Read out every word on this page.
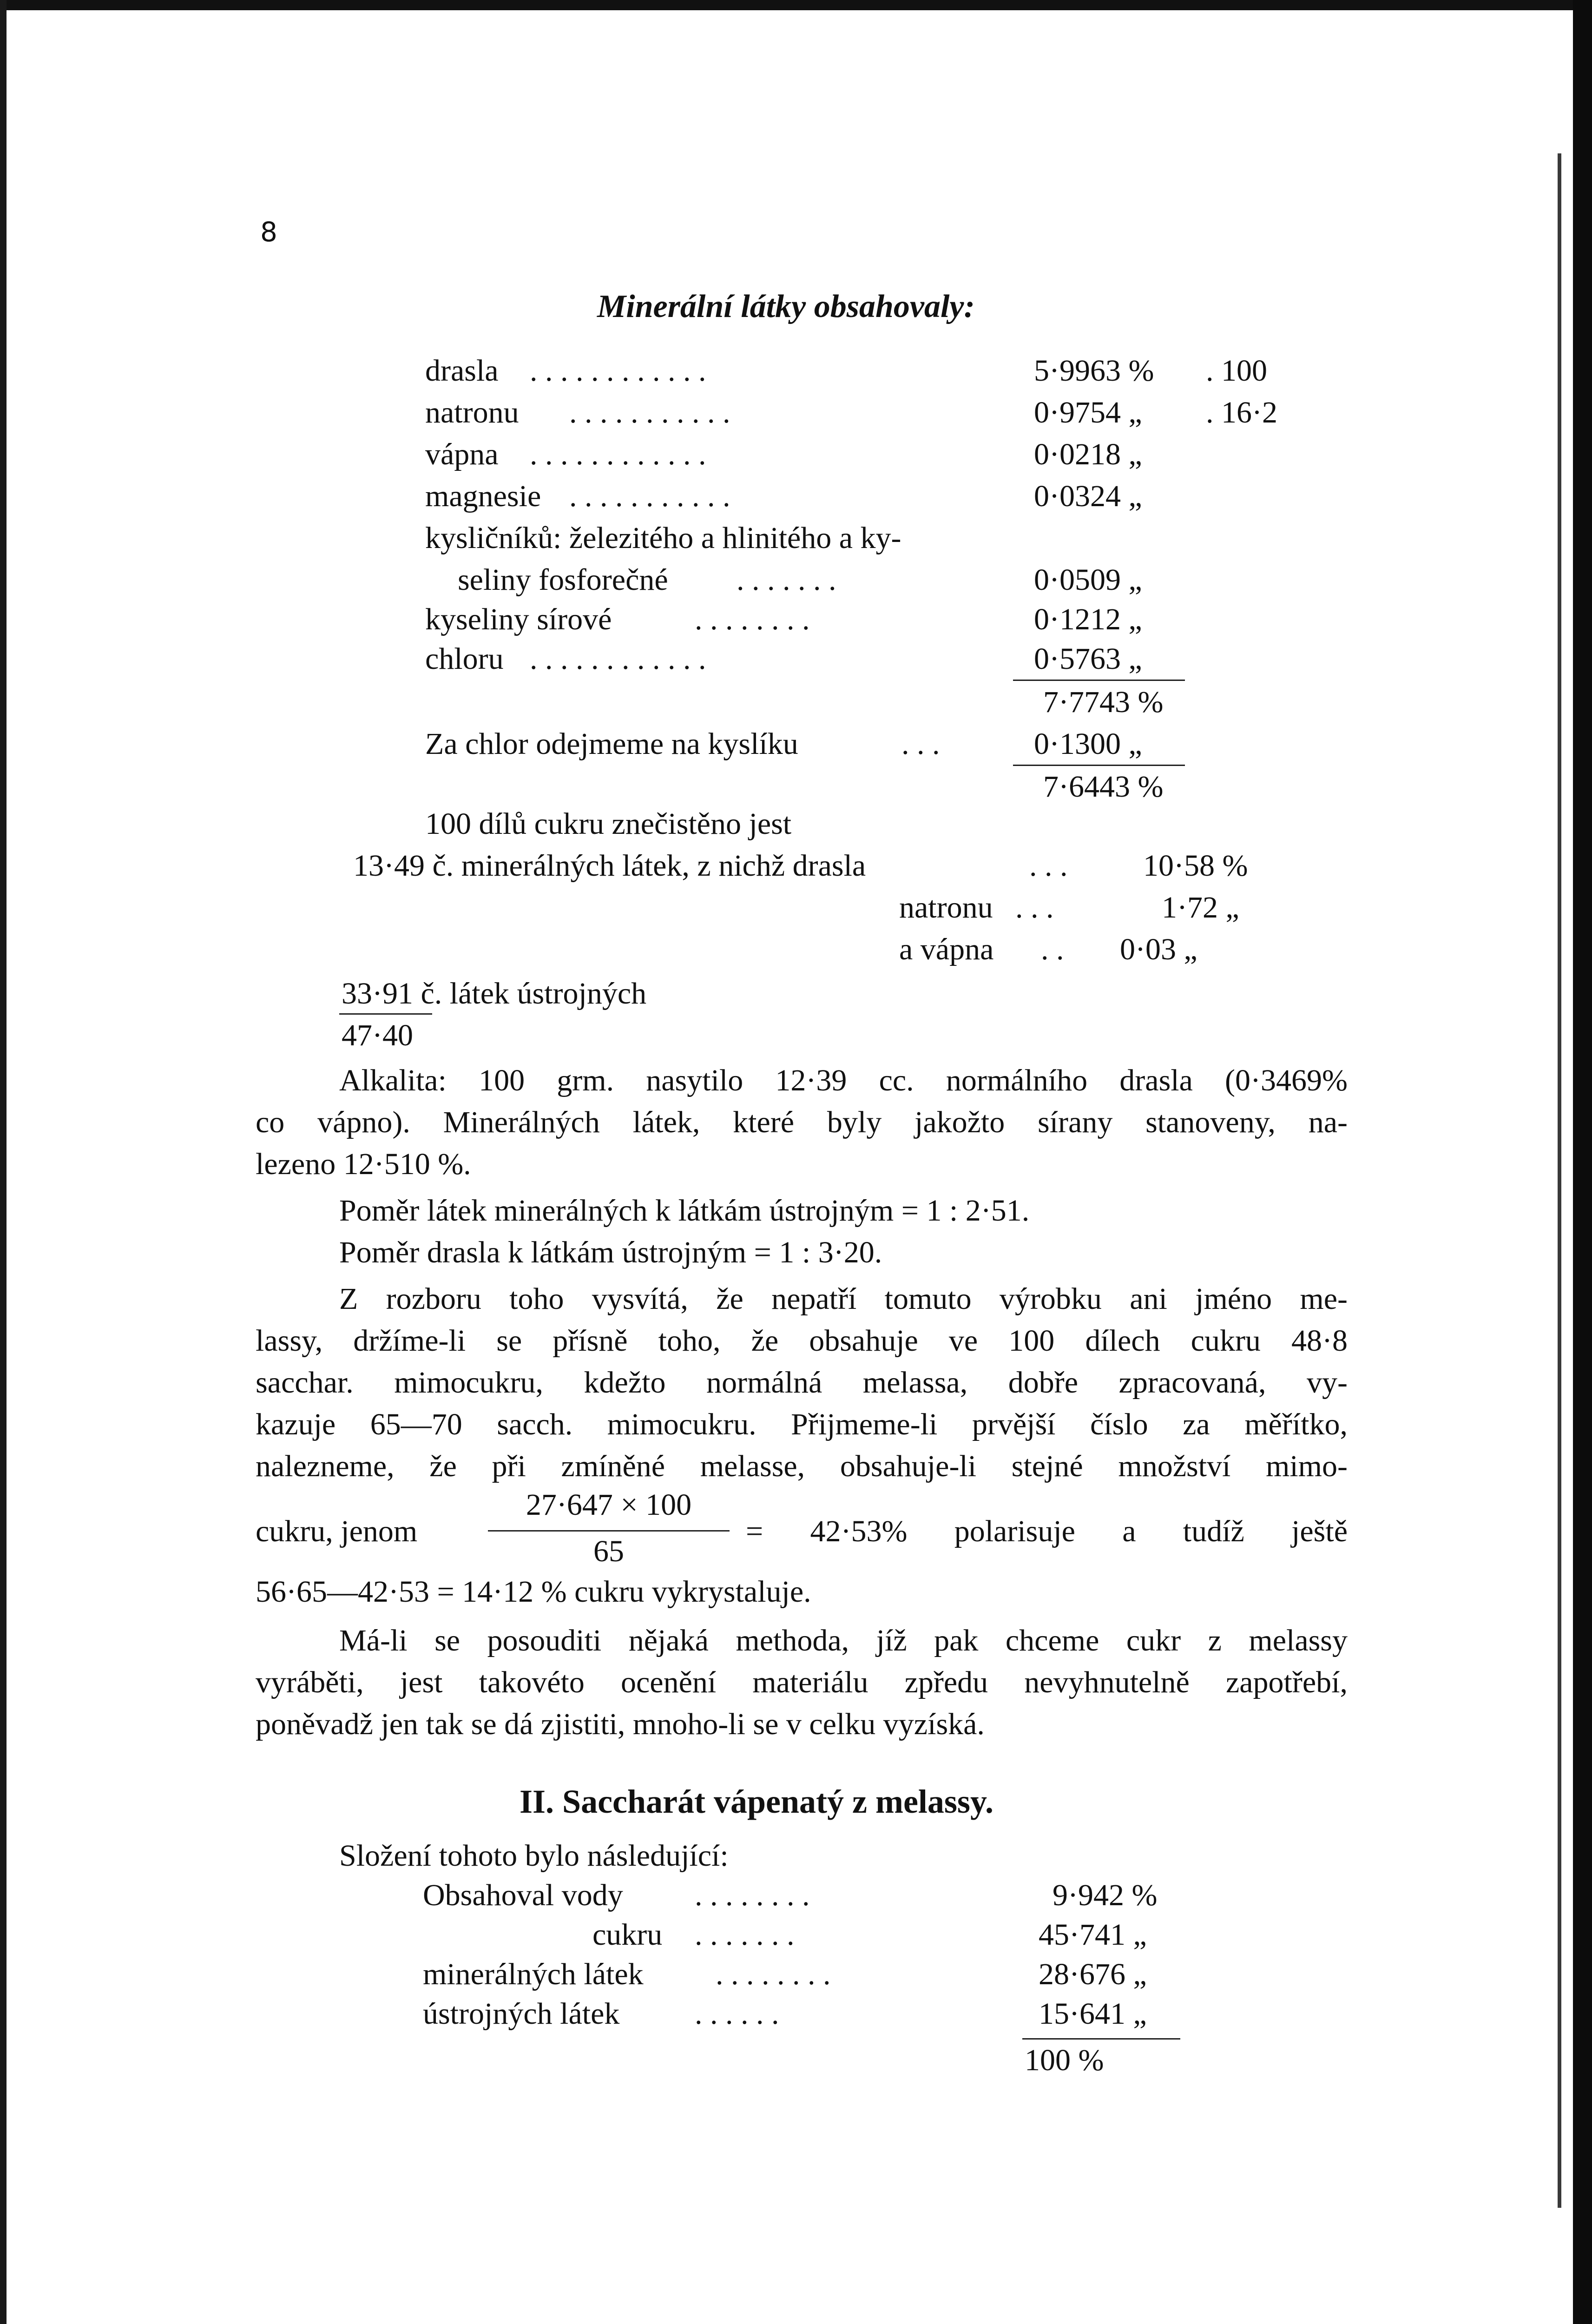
8
Minerální látky obsahovaly:
drasla . . . . . . . . . . . .	5·9963 % . 100
natronu . . . . . . . . . . .	0·9754 „ . 16·2
vápna . . . . . . . . . . . .	0·0218 „
magnesie . . . . . . . . . . .	0·0324 „
kysličníků: železitého a hlinitého a ky-
seliny fosforečné . . . . . . .	0·0509 „
kyseliny sírové	. . . . . . . .	0·1212 „
chloru . . . . . . . . . . . .	0·5763 „
7·7743 %
Za chlor odejmeme na kyslíku	. . .	0·1300 „
7·6443 %
100 dílů cukru znečistěno jest
13·49 č. minerálných látek, z nichž drasla	. . . 10·58 %
natronu . . .	1·72 „
a vápna . . 0·03 „
33·91 č. látek ústrojných
47·40
Alkalita: 100 grm. nasytilo 12·39 cc. normálního drasla (0·3469%
co vápno). Minerálných látek, které byly jakožto sírany stanoveny, na-
lezeno 12·510 %.
Poměr látek minerálných k látkám ústrojným = 1 : 2·51.
Poměr drasla k látkám ústrojným = 1 : 3·20.
Z rozboru toho vysvítá, že nepatří tomuto výrobku ani jméno me-
lassy, držíme-li se přísně toho, že obsahuje ve 100 dílech cukru 48·8
sacchar. mimocukru, kdežto normálná melassa, dobře zpracovaná, vy-
kazuje 65—70 sacch. mimocukru. Přijmeme-li prvější číslo za měřítko,
nalezneme, že při zmíněné melasse, obsahuje-li stejné množství mimo-
cukru, jenom
27·647 × 100
65
= 42·53% polarisuje a tudíž ještě
56·65—42·53 = 14·12 % cukru vykrystaluje.
Má-li se posouditi nějaká methoda, jíž pak chceme cukr z melassy
vyráběti, jest takovéto ocenění materiálu zpředu nevyhnutelně zapotřebí,
poněvadž jen tak se dá zjistiti, mnoho-li se v celku vyzíská.
II. Saccharát vápenatý z melassy.
Složení tohoto bylo následující:
Obsahoval vody . . . . . . . .	9·942 %
cukru . . . . . . .	45·741 „
minerálných látek . . . . . . . .	28·676 „
ústrojných látek . . . . . .	15·641 „
100 %
